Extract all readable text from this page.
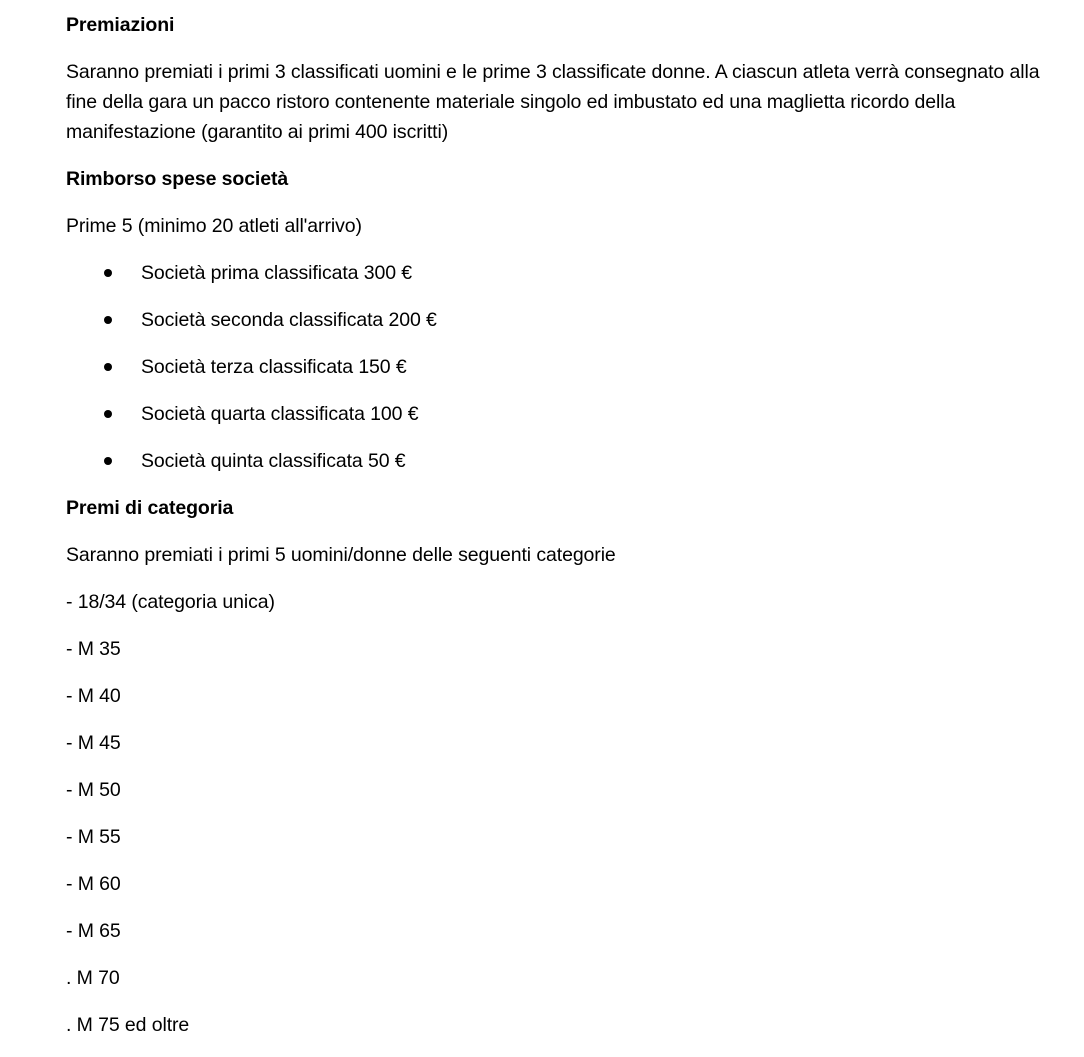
Premiazioni
Saranno premiati i primi 3 classificati uomini e le prime 3 classificate donne. A ciascun atleta verrà consegnato alla fine della gara un pacco ristoro contenente materiale singolo ed imbustato ed una maglietta ricordo della manifestazione (garantito ai primi 400 iscritti)
Rimborso spese società
Prime 5 (minimo 20 atleti all'arrivo)
Società prima classificata 300 €
Società seconda classificata 200 €
Società terza classificata 150 €
Società quarta classificata 100 €
Società quinta classificata 50 €
Premi di categoria
Saranno premiati i primi 5 uomini/donne delle seguenti categorie
- 18/34 (categoria unica)
- M 35
- M 40
- M 45
- M 50
- M 55
- M 60
- M 65
. M 70
. M 75 ed oltre
